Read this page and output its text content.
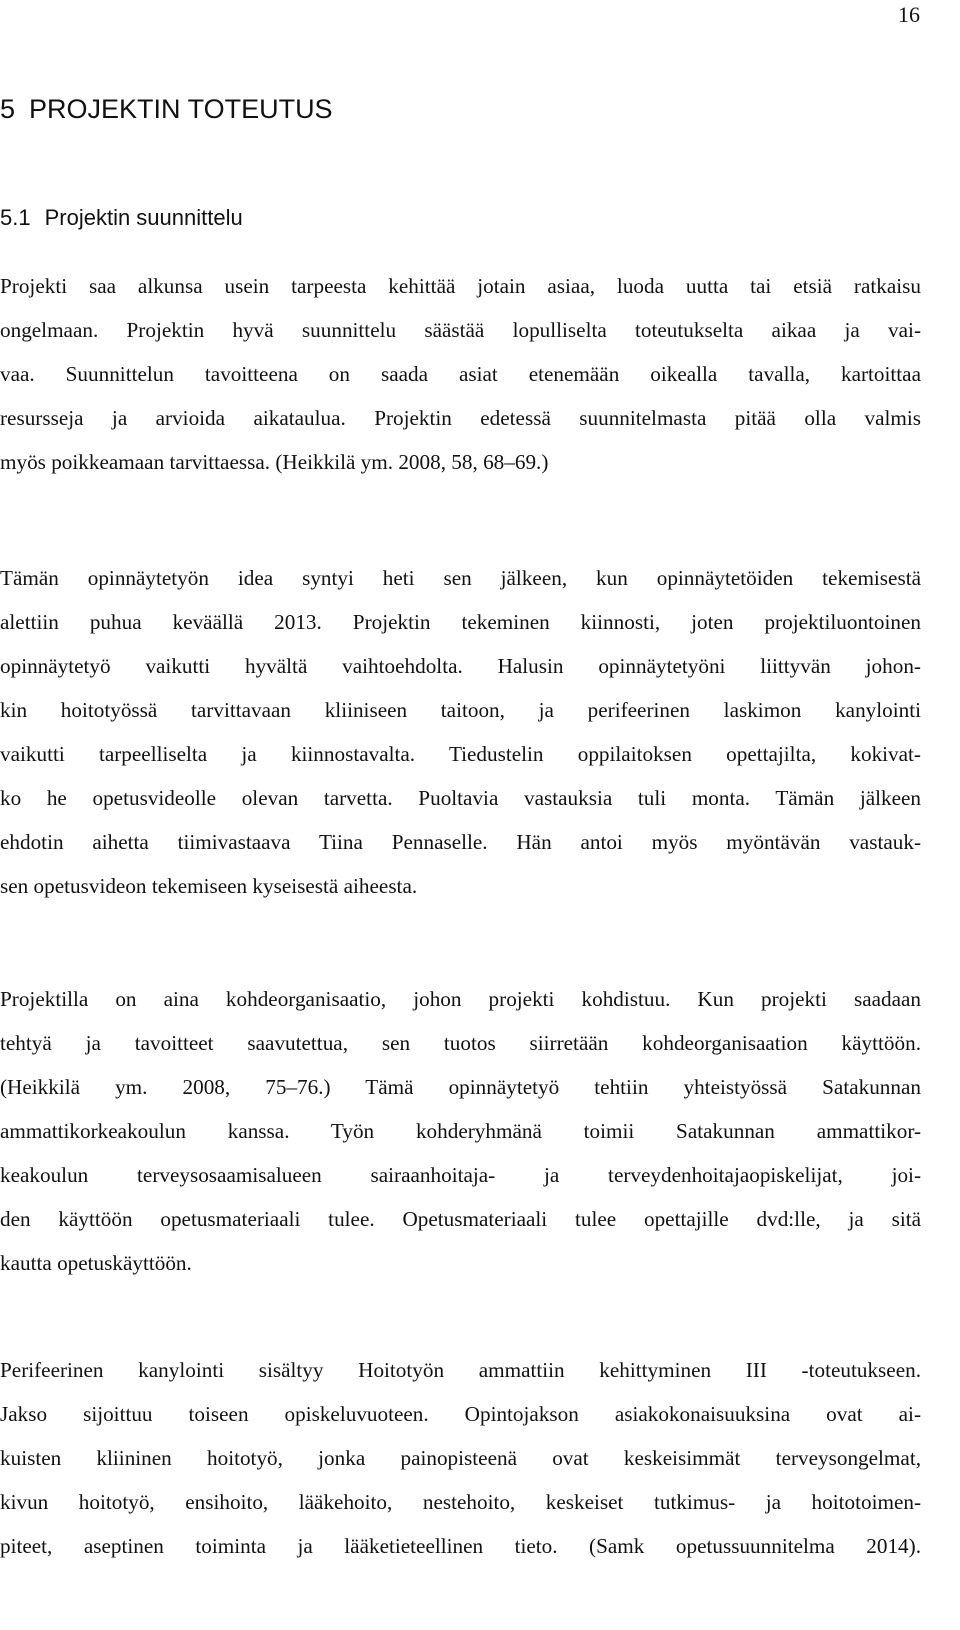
16
5 PROJEKTIN TOTEUTUS
5.1 Projektin suunnittelu
Projekti saa alkunsa usein tarpeesta kehittää jotain asiaa, luoda uutta tai etsiä ratkaisu
ongelmaan. Projektin hyvä suunnittelu säästää lopulliselta toteutukselta aikaa ja vai-
vaa. Suunnittelun tavoitteena on saada asiat etenemään oikealla tavalla, kartoittaa
resursseja ja arvioida aikataulua. Projektin edetessä suunnitelmasta pitää olla valmis
myös poikkeamaan tarvittaessa. (Heikkilä ym. 2008, 58, 68–69.)
Tämän opinnäytetyön idea syntyi heti sen jälkeen, kun opinnäytetöiden tekemisestä
alettiin puhua keväällä 2013. Projektin tekeminen kiinnosti, joten projektiluontoinen
opinnäytetyö vaikutti hyvältä vaihtoehdolta. Halusin opinnäytetyöni liittyvän johon-
kin hoitotyössä tarvittavaan kliiniseen taitoon, ja perifeerinen laskimon kanylointi
vaikutti tarpeelliselta ja kiinnostavalta. Tiedustelin oppilaitoksen opettajilta, kokivat-
ko he opetusvideolle olevan tarvetta. Puoltavia vastauksia tuli monta. Tämän jälkeen
ehdotin aihetta tiimivastaava Tiina Pennaselle. Hän antoi myös myöntävän vastauk-
sen opetusvideon tekemiseen kyseisestä aiheesta.
Projektilla on aina kohdeorganisaatio, johon projekti kohdistuu. Kun projekti saadaan
tehtyä ja tavoitteet saavutettua, sen tuotos siirretään kohdeorganisaation käyttöön.
(Heikkilä ym. 2008, 75–76.) Tämä opinnäytetyö tehtiin yhteistyössä Satakunnan
ammattikorkeakoulun kanssa. Työn kohderyhmänä toimii Satakunnan ammattikor-
keakoulun terveysosaamisalueen sairaanhoitaja- ja terveydenhoitajaopiskelijat, joi-
den käyttöön opetusmateriaali tulee. Opetusmateriaali tulee opettajille dvd:lle, ja sitä
kautta opetuskäyttöön.
Perifeerinen kanylointi sisältyy Hoitotyön ammattiin kehittyminen III -toteutukseen.
Jakso sijoittuu toiseen opiskeluvuoteen. Opintojakson asiakokonaisuuksina ovat ai-
kuisten kliininen hoitotyö, jonka painopisteenä ovat keskeisimmät terveysongelmat,
kivun hoitotyö, ensihoito, lääkehoito, nestehoito, keskeiset tutkimus- ja hoitotoimen-
piteet, aseptinen toiminta ja lääketieteellinen tieto. (Samk opetussuunnitelma 2014).
